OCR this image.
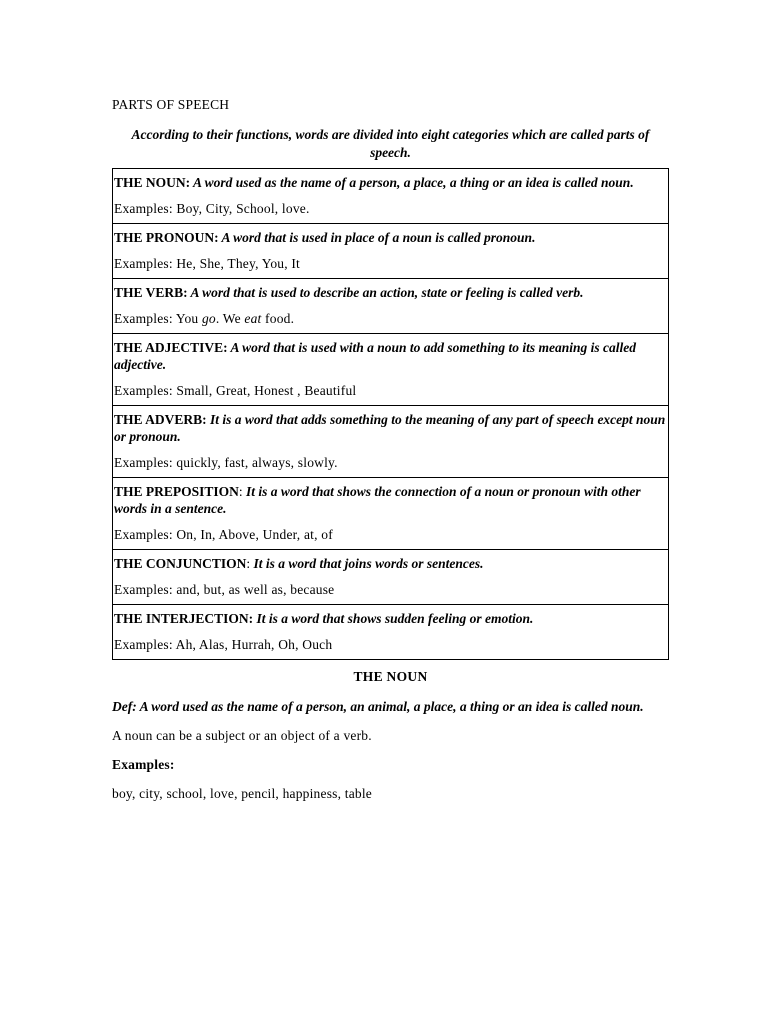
PARTS OF SPEECH
According to their functions, words are divided into eight categories which are called parts of speech.
THE NOUN: A word used as the name of a person, a place, a thing or an idea is called noun.
Examples: Boy, City, School, love.

THE PRONOUN: A word that is used in place of a noun is called pronoun.
Examples: He, She, They, You, It

THE VERB: A word that is used to describe an action, state or feeling is called verb.
Examples: You go. We eat food.

THE ADJECTIVE: A word that is used with a noun to add something to its meaning is called adjective.
Examples: Small, Great, Honest , Beautiful

THE ADVERB: It is a word that adds something to the meaning of any part of speech except noun or pronoun.
Examples: quickly, fast, always, slowly.

THE PREPOSITION: It is a word that shows the connection of a noun or pronoun with other words in a sentence.
Examples: On, In, Above, Under, at, of

THE CONJUNCTION: It is a word that joins words or sentences.
Examples: and, but, as well as, because

THE INTERJECTION: It is a word that shows sudden feeling or emotion.
Examples: Ah, Alas, Hurrah, Oh, Ouch
THE NOUN
Def: A word used as the name of a person, an animal, a place, a thing or an idea is called noun.
A noun can be a subject or an object of a verb.
Examples:
boy, city, school, love, pencil, happiness, table
